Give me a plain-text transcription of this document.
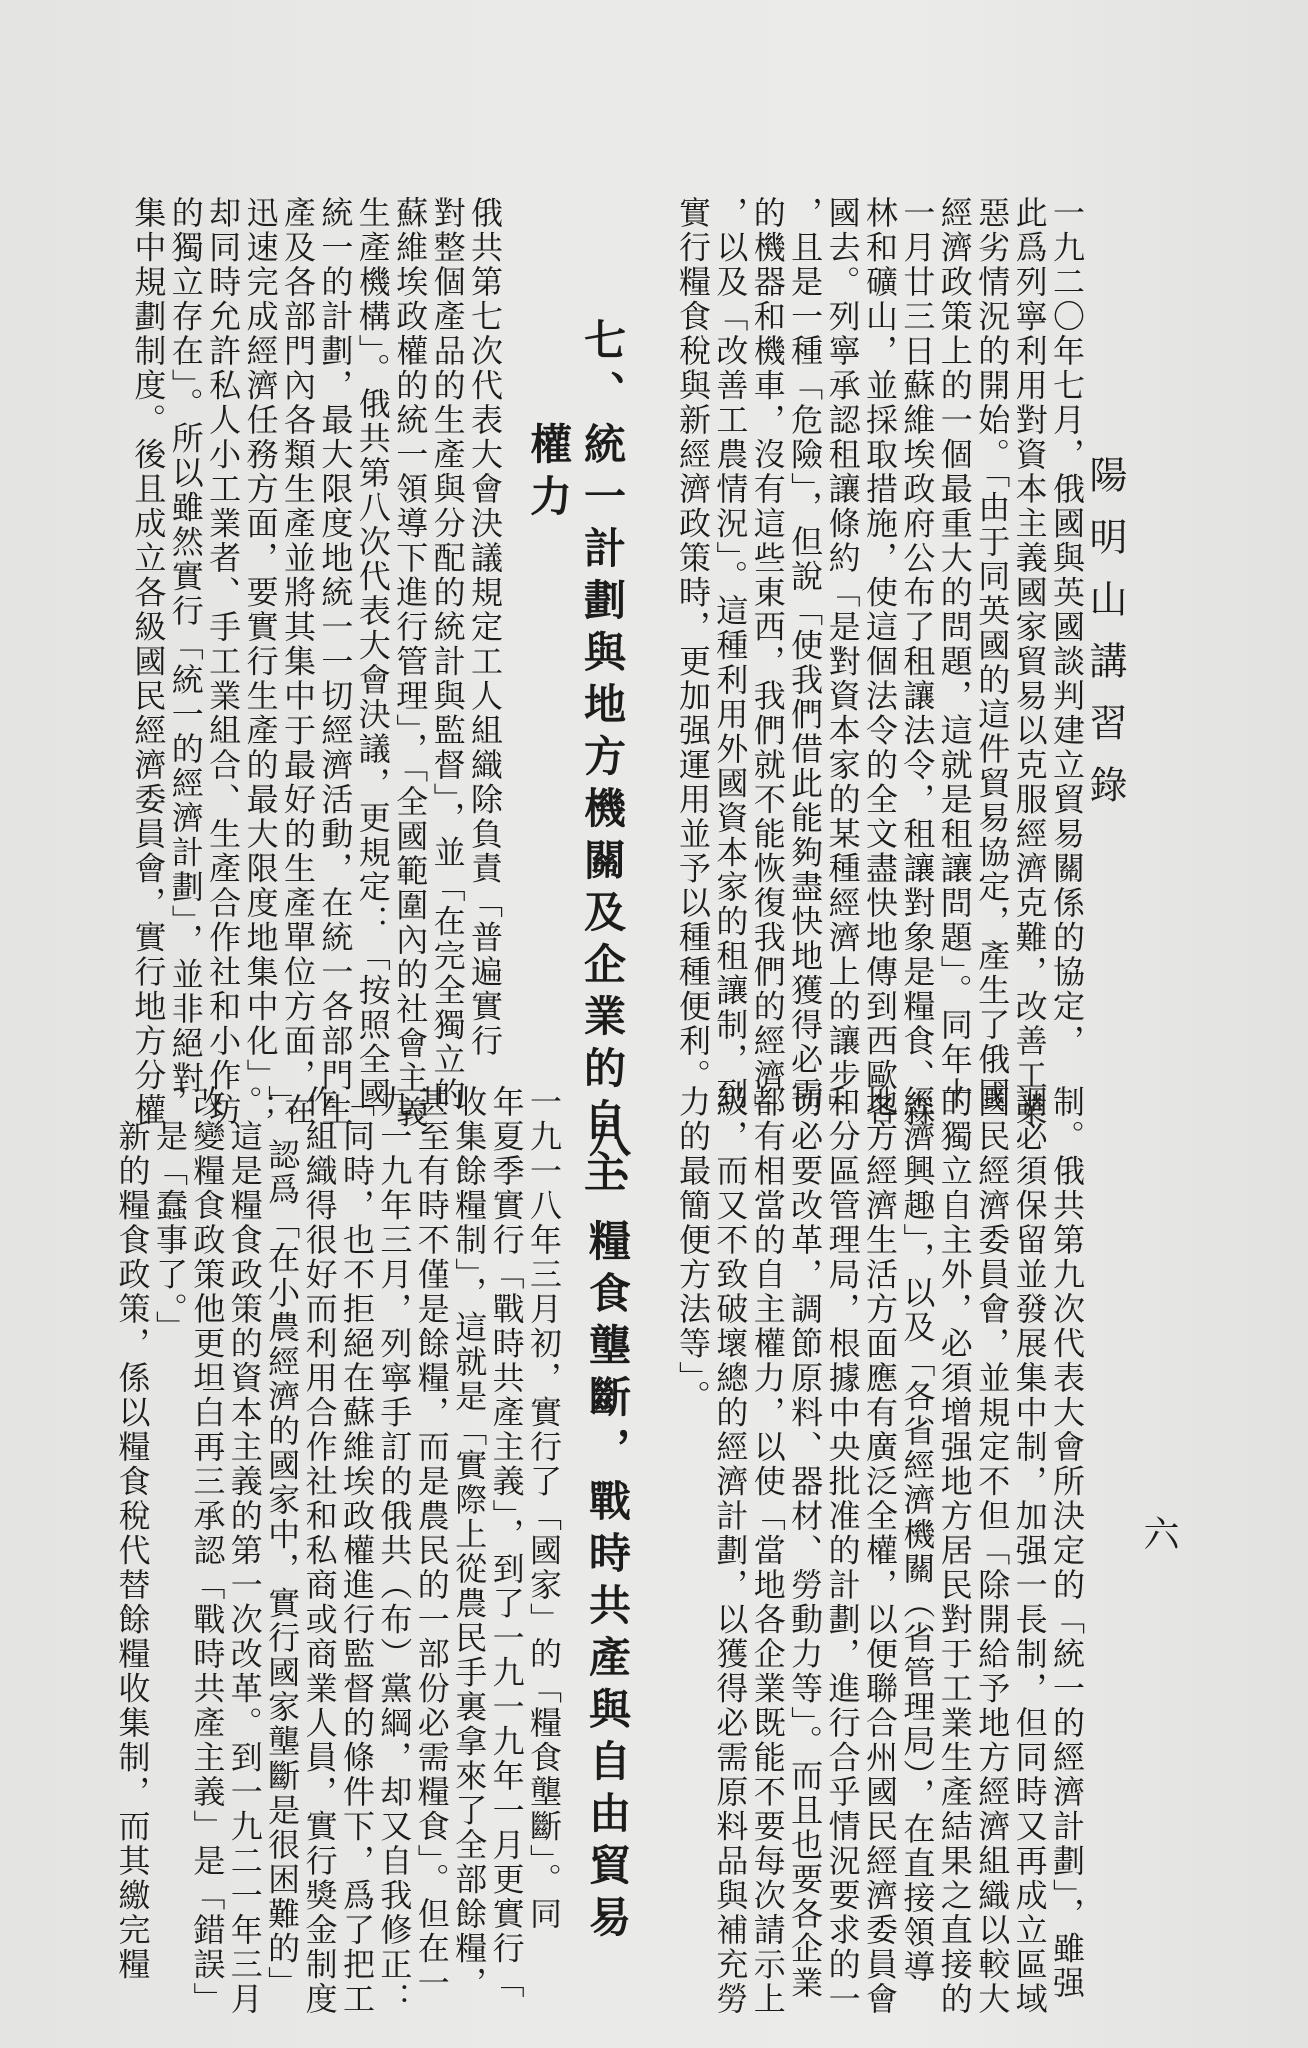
陽明山講習錄
六
一九二〇年七月，俄國與英國談判建立貿易關係的協定，
此爲列寧利用對資本主義國家貿易以克服經濟克難，改善工業
惡劣情況的開始。「由于同英國的這件貿易協定，產生了俄國
經濟政策上的一個最重大的問題，這就是租讓問題」。同年十
一月廿三日蘇維埃政府公布了租讓法令，租讓對象是糧食、森
林和礦山，並採取措施，使這個法令的全文盡快地傳到西歐各
國去。列寧承認租讓條約「是對資本家的某種經濟上的讓步」
，且是一種「危險」，但說「使我們借此能夠盡快地獲得必需
的機器和機車，沒有這些東西，我們就不能恢復我們的經濟」
，以及「改善工農情況」。這種利用外國資本家的租讓制，到
實行糧食稅與新經濟政策時，更加强運用並予以種種便利。
七、統一計劃與地方機關及企業的自主
　　權力
俄共第七次代表大會決議規定工人組織除負責「普遍實行
對整個產品的生產與分配的統計與監督」，並「在完全獨立的
蘇維埃政權的統一領導下進行管理」，「全國範圍內的社會主義
生產機構」。俄共第八次代表大會決議，更規定：「按照全國
統一的計劃，最大限度地統一一切經濟活動，在統一各部門生
產及各部門內各類生產並將其集中于最好的生產單位方面，在
迅速完成經濟任務方面，要實行生產的最大限度地集中化」；
却同時允許私人小工業者、手工業組合、生產合作社和小作坊
的獨立存在」。所以雖然實行「統一的經濟計劃」，並非絕對
集中規劃制度。後且成立各級國民經濟委員會，實行地方分權
制。俄共第九次代表大會所決定的「統一的經濟計劃」，雖强
調必須保留並發展集中制，加强一長制，但同時又再成立區域
國民經濟委員會，並規定不但「除開給予地方經濟組織以較大
的獨立自主外，必須增强地方居民對于工業生產結果之直接的
經濟興趣」，以及「各省經濟機關（省管理局），在直接領導
地方經濟生活方面應有廣泛全權，以便聯合州國民經濟委員會
和分區管理局，根據中央批准的計劃，進行合乎情況要求的一
切必要改革，調節原料、器材、勞動力等」。而且也要各企業
都有相當的自主權力，以使「當地各企業既能不要每次請示上
級，而又不致破壞總的經濟計劃，以獲得必需原料品與補充勞
力的最簡便方法等」。
八、糧食壟斷，戰時共產與自由貿易
一九一八年三月初，實行了「國家」的「糧食壟斷」。同
年夏季實行「戰時共產主義」，到了一九一九年一月更實行「
收集餘糧制」，這就是「實際上從農民手裏拿來了全部餘糧，
甚至有時不僅是餘糧，而是農民的一部份必需糧食」。但在一
九一九年三月，列寧手訂的俄共（布）黨綱，却又自我修正：
「同時，也不拒絕在蘇維埃政權進行監督的條件下，爲了把工
作組織得很好而利用合作社和私商或商業人員，實行獎金制度
」。認爲「在小農經濟的國家中，實行國家壟斷是很困難的」
。這是糧食政策的資本主義的第一次改革。到一九二一年三月
改變糧食政策他更坦白再三承認「戰時共產主義」是「錯誤」
，是「蠢事了。」
　新的糧食政策，係以糧食稅代替餘糧收集制，而其繳完糧
